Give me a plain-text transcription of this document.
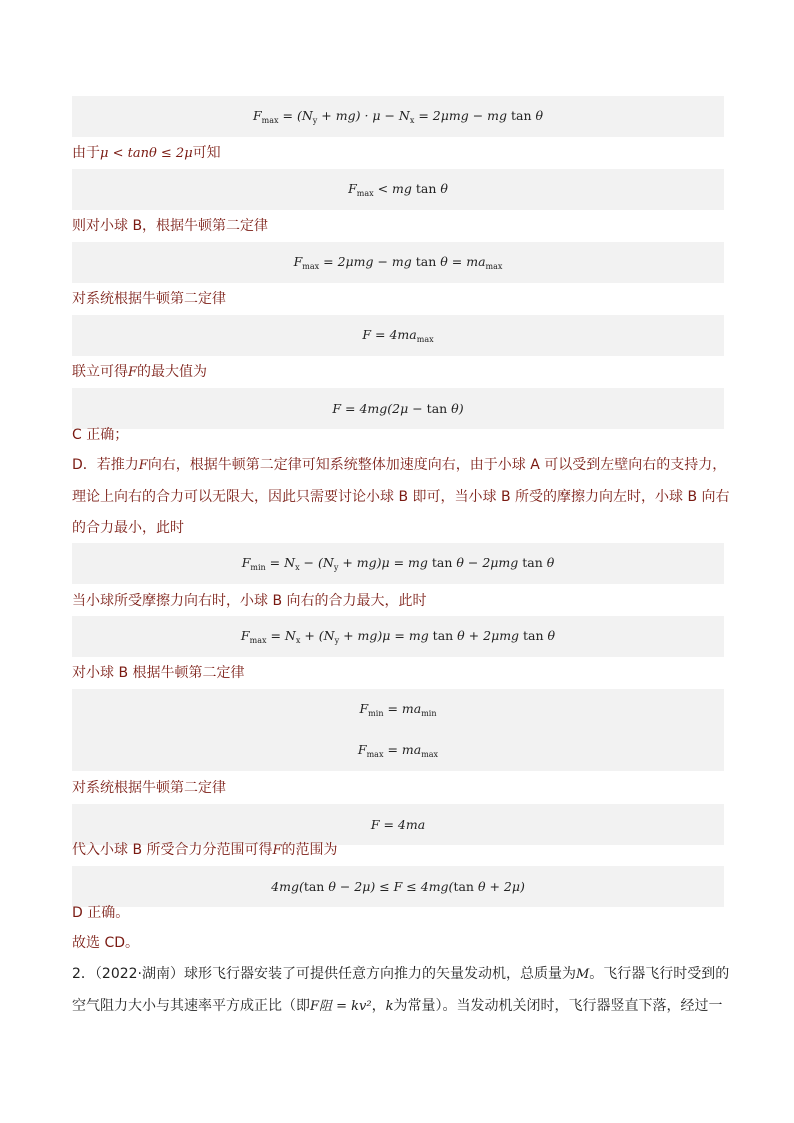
$F_{max} = (N_y + mg) \cdot \mu - N_x = 2\mu mg$ − mg tan θ
由于μ < tanθ ≤ 2μ可知
$F_{max}$ < mg tan θ
则对小球 B，根据牛顿第二定律
$F_{max} = 2\mu mg$ − mg $\tan \theta = ma_{max}$
对系统根据牛顿第二定律
$F = 4ma_{max}$
联立可得F的最大值为
F = 4mg(2μ − tan θ)
C 正确；
D．若推力F向右，根据牛顿第二定律可知系统整体加速度向右，由于小球 A 可以受到左壁向右的支持力，
理论上向右的合力可以无限大，因此只需要讨论小球 B 即可，当小球 B 所受的摩擦力向左时，小球 B 向右
的合力最小，此时
$F_{min} = N_x - (N_y + mg)\mu$ = mg tan θ − 2μmg tan θ
当小球所受摩擦力向右时，小球 B 向右的合力最大，此时
$F_{max} = N_x + (N_y + mg)\mu$ = mg tan θ + 2μmg tan θ
对小球 B 根据牛顿第二定律
$F_{min} = ma_{min}$
$F_{max} = ma_{max}$
对系统根据牛顿第二定律
F = 4ma
代入小球 B 所受合力分范围可得F的范围为
4mg(tan θ − 2μ) ≤ F ≤ 4mg(tan θ + 2μ)
D 正确。
故选 CD。
2．（2022·湖南）球形飞行器安装了可提供任意方向推力的矢量发动机，总质量为M。飞行器飞行时受到的
空气阻力大小与其速率平方成正比（即F阻 = kv²，k为常量）。当发动机关闭时，飞行器竖直下落，经过一
